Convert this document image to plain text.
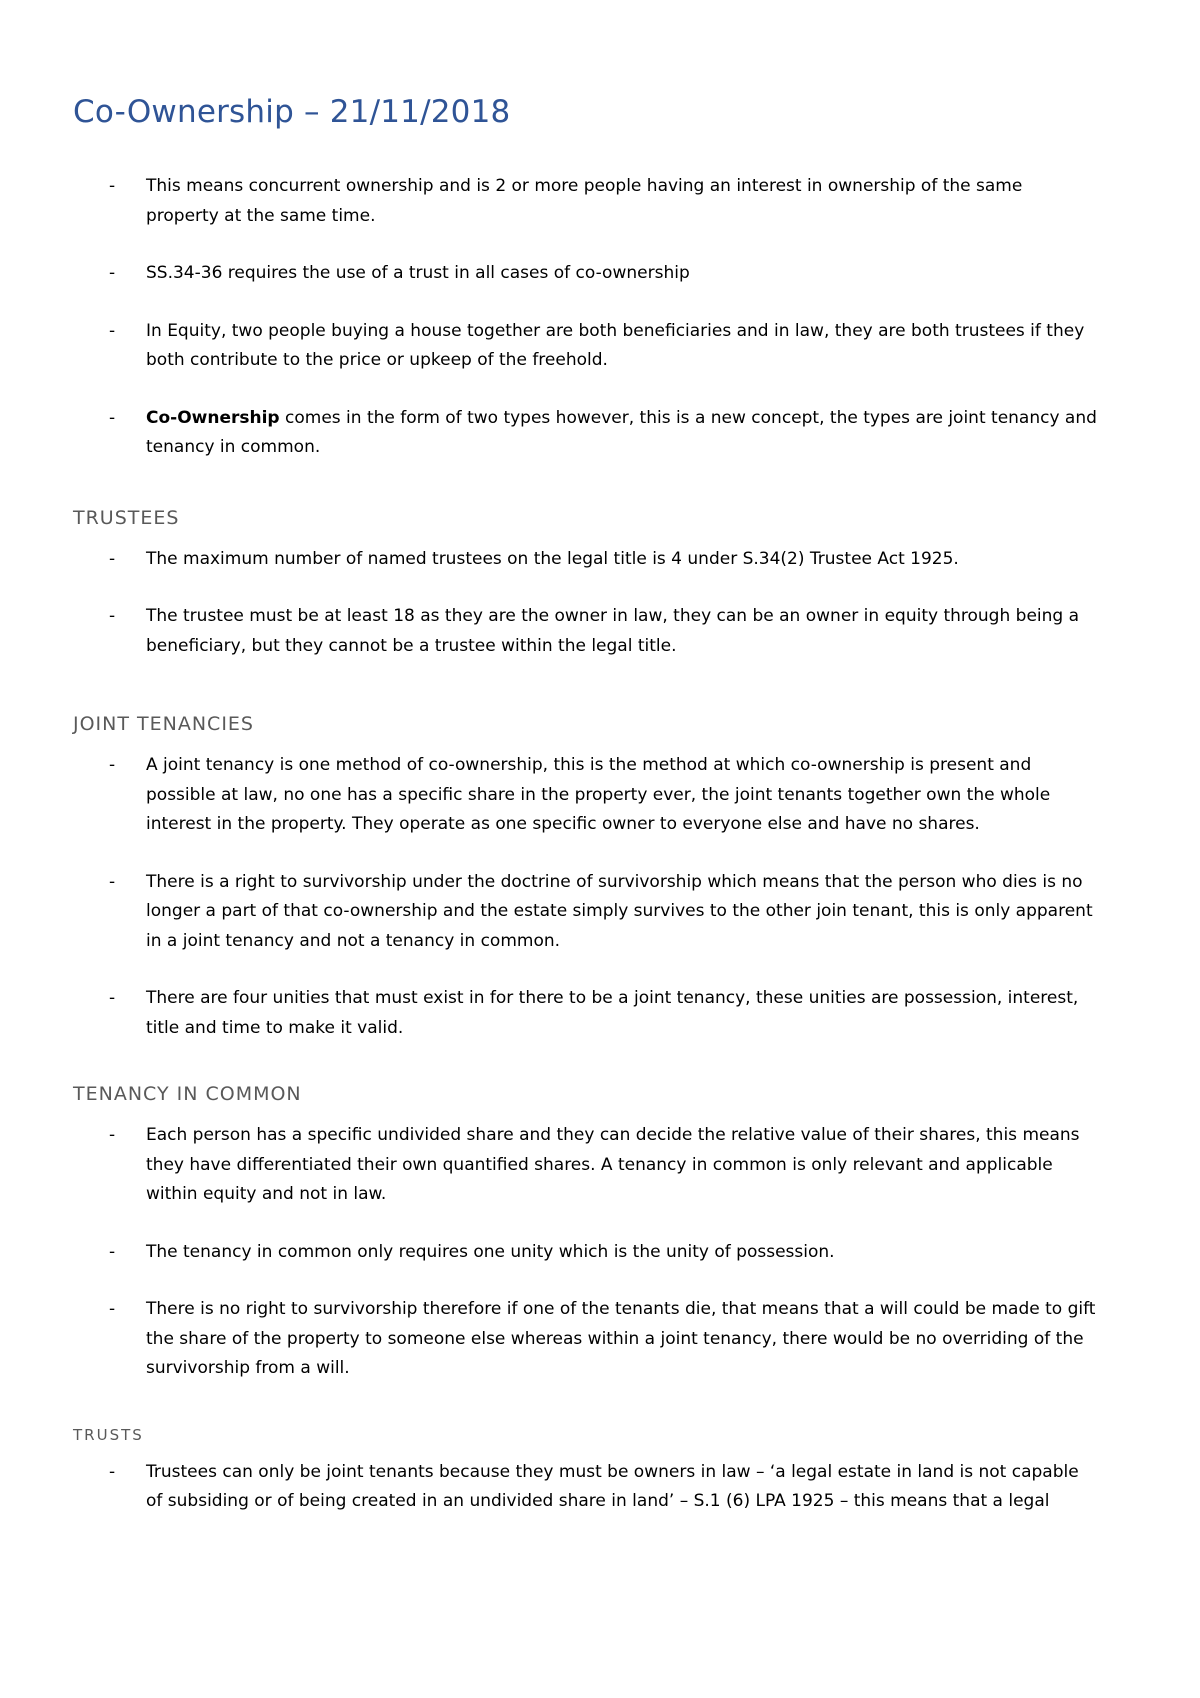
Co-Ownership – 21/11/2018
- This means concurrent ownership and is 2 or more people having an interest in ownership of the same property at the same time.
- SS.34-36 requires the use of a trust in all cases of co-ownership
- In Equity, two people buying a house together are both beneficiaries and in law, they are both trustees if they both contribute to the price or upkeep of the freehold.
- Co-Ownership comes in the form of two types however, this is a new concept, the types are joint tenancy and tenancy in common.
TRUSTEES
- The maximum number of named trustees on the legal title is 4 under S.34(2) Trustee Act 1925.
- The trustee must be at least 18 as they are the owner in law, they can be an owner in equity through being a beneficiary, but they cannot be a trustee within the legal title.
JOINT TENANCIES
- A joint tenancy is one method of co-ownership, this is the method at which co-ownership is present and possible at law, no one has a specific share in the property ever, the joint tenants together own the whole interest in the property. They operate as one specific owner to everyone else and have no shares.
- There is a right to survivorship under the doctrine of survivorship which means that the person who dies is no longer a part of that co-ownership and the estate simply survives to the other join tenant, this is only apparent in a joint tenancy and not a tenancy in common.
- There are four unities that must exist in for there to be a joint tenancy, these unities are possession, interest, title and time to make it valid.
TENANCY IN COMMON
- Each person has a specific undivided share and they can decide the relative value of their shares, this means they have differentiated their own quantified shares. A tenancy in common is only relevant and applicable within equity and not in law.
- The tenancy in common only requires one unity which is the unity of possession.
- There is no right to survivorship therefore if one of the tenants die, that means that a will could be made to gift the share of the property to someone else whereas within a joint tenancy, there would be no overriding of the survivorship from a will.
TRUSTS
- Trustees can only be joint tenants because they must be owners in law – ‘a legal estate in land is not capable of subsiding or of being created in an undivided share in land’ – S.1 (6) LPA 1925 – this means that a legal
